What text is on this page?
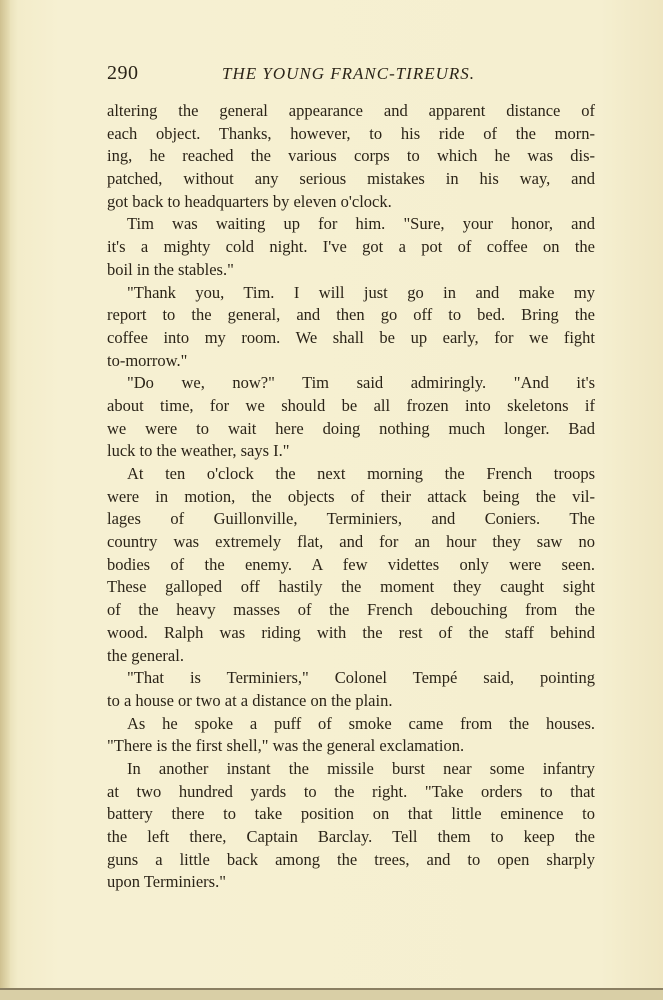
290	THE YOUNG FRANC-TIREURS.
altering the general appearance and apparent distance of
each object. Thanks, however, to his ride of the morn-
ing, he reached the various corps to which he was dis-
patched, without any serious mistakes in his way, and
got back to headquarters by eleven o'clock.
Tim was waiting up for him. "Sure, your honor, and
it's a mighty cold night. I've got a pot of coffee on the
boil in the stables."
"Thank you, Tim. I will just go in and make my
report to the general, and then go off to bed. Bring the
coffee into my room. We shall be up early, for we fight
to-morrow."
"Do we, now?" Tim said admiringly. "And it's
about time, for we should be all frozen into skeletons if
we were to wait here doing nothing much longer. Bad
luck to the weather, says I."
At ten o'clock the next morning the French troops
were in motion, the objects of their attack being the vil-
lages of Guillonville, Terminiers, and Coniers. The
country was extremely flat, and for an hour they saw no
bodies of the enemy. A few videttes only were seen.
These galloped off hastily the moment they caught sight
of the heavy masses of the French debouching from the
wood. Ralph was riding with the rest of the staff behind
the general.
"That is Terminiers," Colonel Tempé said, pointing
to a house or two at a distance on the plain.
As he spoke a puff of smoke came from the houses.
"There is the first shell," was the general exclamation.
In another instant the missile burst near some infantry
at two hundred yards to the right. "Take orders to that
battery there to take position on that little eminence to
the left there, Captain Barclay. Tell them to keep the
guns a little back among the trees, and to open sharply
upon Terminiers."
